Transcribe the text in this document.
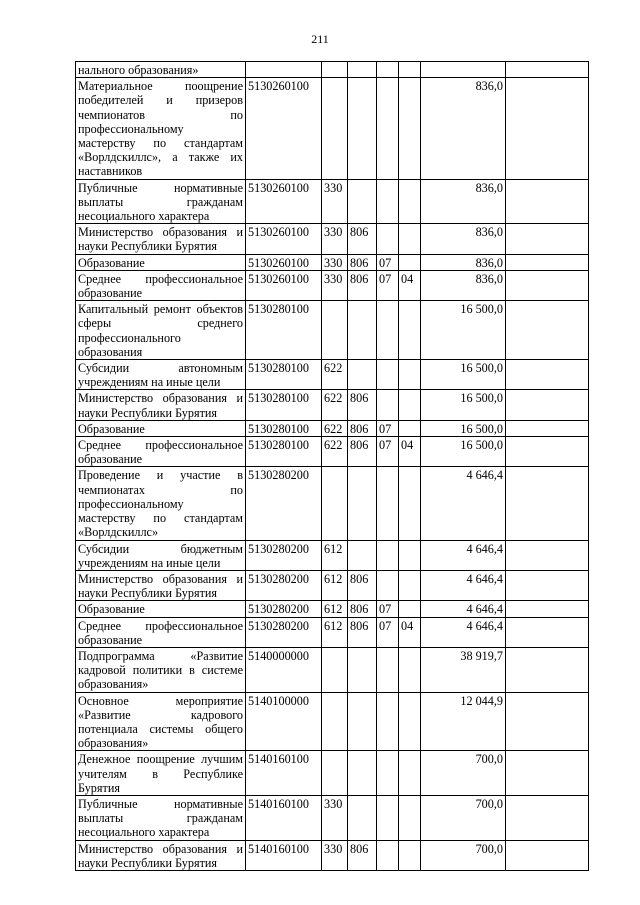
211
нального образования»							
Материальное поощрение победителей и призеров чемпионатов по профессиональному мастерству по стандартам «Ворлдскиллс», а также их наставников	5130260100					836,0	
Публичные нормативные выплаты гражданам несоциального характера	5130260100	330				836,0	
Министерство образования и науки Республики Бурятия	5130260100	330	806			836,0	
Образование	5130260100	330	806	07		836,0	
Среднее профессиональное образование	5130260100	330	806	07	04	836,0	
Капитальный ремонт объектов сферы среднего профессионального образования	5130280100					16 500,0	
Субсидии автономным учреждениям на иные цели	5130280100	622				16 500,0	
Министерство образования и науки Республики Бурятия	5130280100	622	806			16 500,0	
Образование	5130280100	622	806	07		16 500,0	
Среднее профессиональное образование	5130280100	622	806	07	04	16 500,0	
Проведение и участие в чемпионатах по профессиональному мастерству по стандартам «Ворлдскиллс»	5130280200					4 646,4	
Субсидии бюджетным учреждениям на иные цели	5130280200	612				4 646,4	
Министерство образования и науки Республики Бурятия	5130280200	612	806			4 646,4	
Образование	5130280200	612	806	07		4 646,4	
Среднее профессиональное образование	5130280200	612	806	07	04	4 646,4	
Подпрограмма «Развитие кадровой политики в системе образования»	5140000000					38 919,7	
Основное мероприятие «Развитие кадрового потенциала системы общего образования»	5140100000					12 044,9	
Денежное поощрение лучшим учителям в Республике Бурятия	5140160100					700,0	
Публичные нормативные выплаты гражданам несоциального характера	5140160100	330				700,0	
Министерство образования и науки Республики Бурятия	5140160100	330	806			700,0	
